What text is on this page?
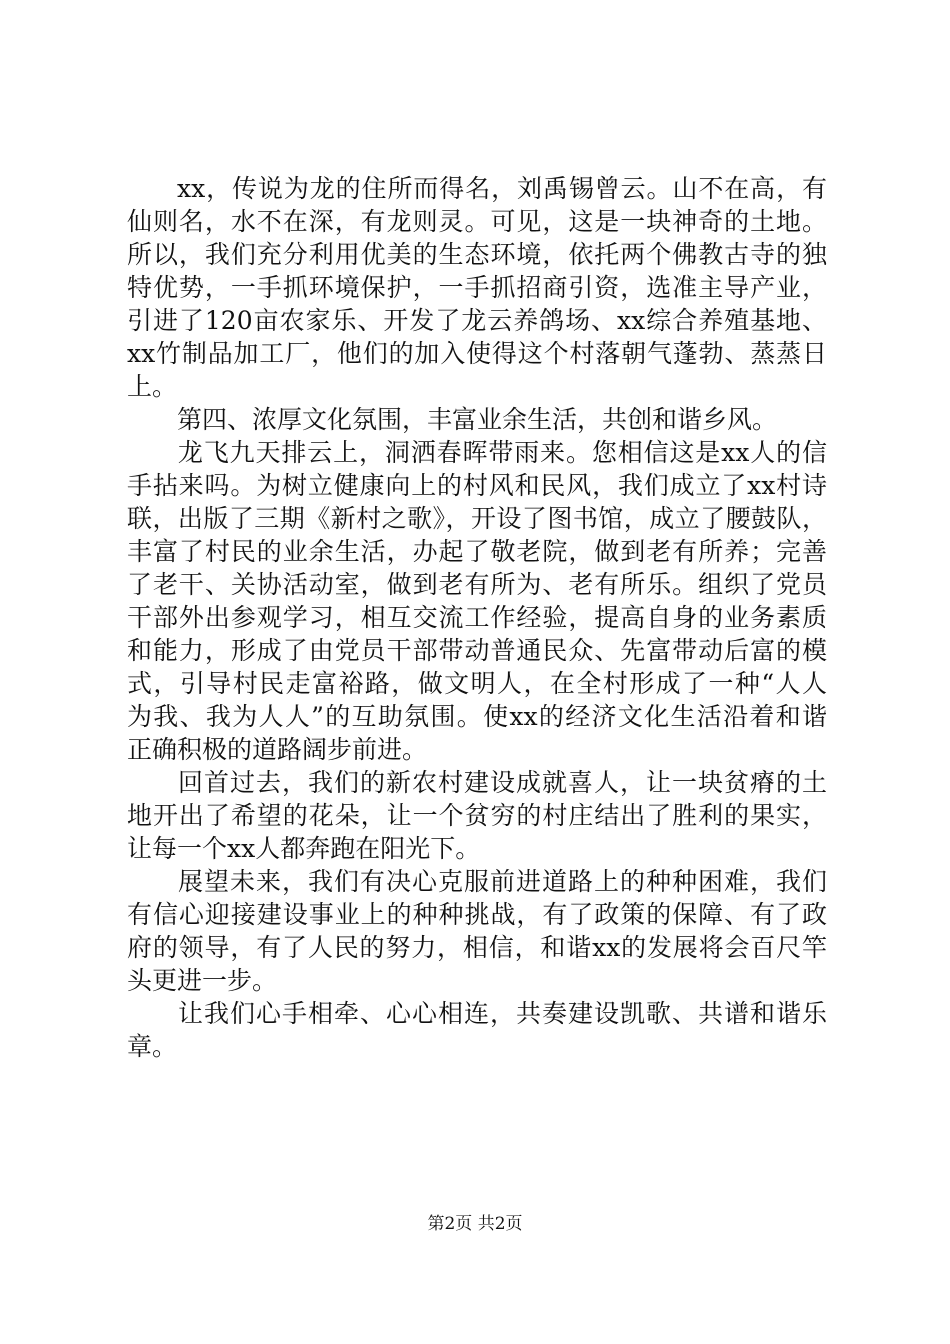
xx，传说为龙的住所而得名，刘禹锡曾云。山不在高，有
仙则名，水不在深，有龙则灵。可见，这是一块神奇的土地。
所以，我们充分利用优美的生态环境，依托两个佛教古寺的独
特优势，一手抓环境保护，一手抓招商引资，选准主导产业，
引进了120亩农家乐、开发了龙云养鸽场、xx综合养殖基地、
xx竹制品加工厂，他们的加入使得这个村落朝气蓬勃、蒸蒸日
上。
第四、浓厚文化氛围，丰富业余生活，共创和谐乡风。
龙飞九天排云上，洞洒春晖带雨来。您相信这是xx人的信
手拈来吗。为树立健康向上的村风和民风，我们成立了xx村诗
联，出版了三期《新村之歌》，开设了图书馆，成立了腰鼓队，
丰富了村民的业余生活，办起了敬老院，做到老有所养；完善
了老干、关协活动室，做到老有所为、老有所乐。组织了党员
干部外出参观学习，相互交流工作经验，提高自身的业务素质
和能力，形成了由党员干部带动普通民众、先富带动后富的模
式，引导村民走富裕路，做文明人，在全村形成了一种“人人
为我、我为人人”的互助氛围。使xx的经济文化生活沿着和谐
正确积极的道路阔步前进。
回首过去，我们的新农村建设成就喜人，让一块贫瘠的土
地开出了希望的花朵，让一个贫穷的村庄结出了胜利的果实，
让每一个xx人都奔跑在阳光下。
展望未来，我们有决心克服前进道路上的种种困难，我们
有信心迎接建设事业上的种种挑战，有了政策的保障、有了政
府的领导，有了人民的努力，相信，和谐xx的发展将会百尺竿
头更进一步。
让我们心手相牵、心心相连，共奏建设凯歌、共谱和谐乐
章。
第2页 共2页
